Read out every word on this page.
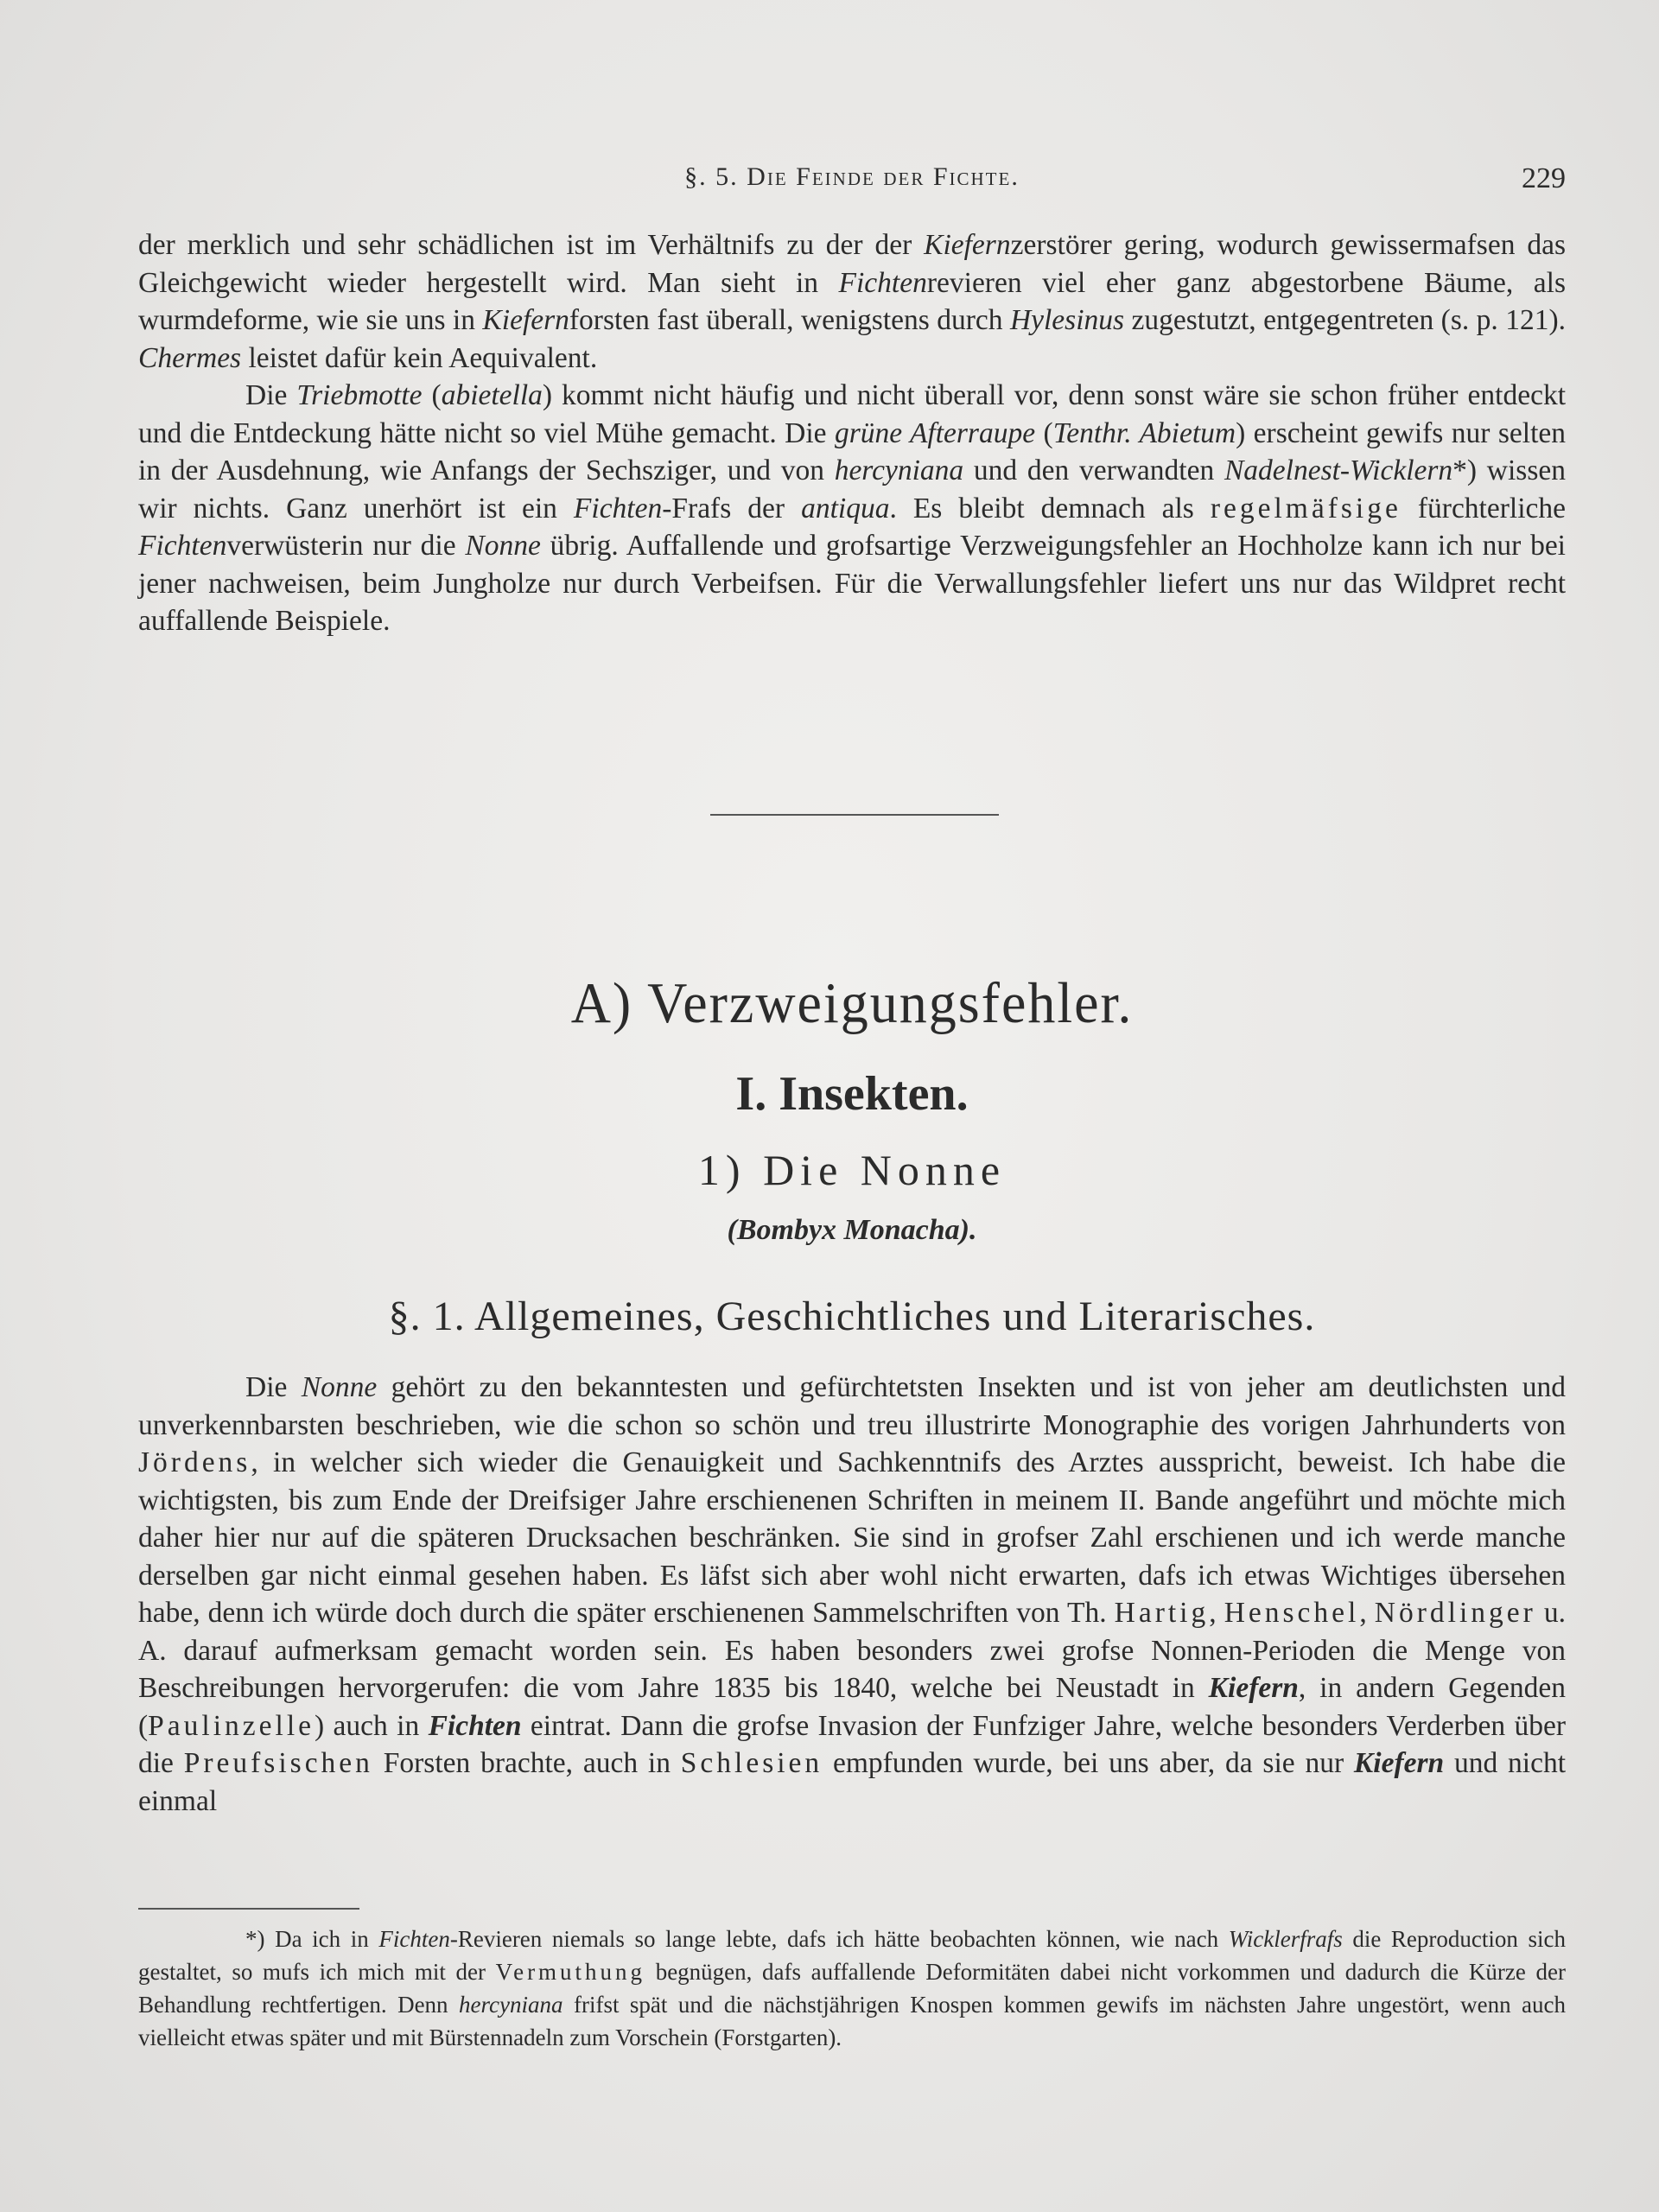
§. 5. Die Feinde der Fichte.	229

der merklich und sehr schädlichen ist im Verhältnifs zu der der Kiefernzerstörer gering, wodurch gewissermafsen das Gleichgewicht wieder hergestellt wird. Man sieht in Fichtenrevieren viel eher ganz abgestorbene Bäume, als wurmdeforme, wie sie uns in Kiefernforsten fast überall, wenigstens durch Hylesinus zugestutzt, entgegentreten (s. p. 121). Chermes leistet dafür kein Aequivalent.

Die Triebmotte (abietella) kommt nicht häufig und nicht überall vor, denn sonst wäre sie schon früher entdeckt und die Entdeckung hätte nicht so viel Mühe gemacht. Die grüne Afterraupe (Tenthr. Abietum) erscheint gewifs nur selten in der Ausdehnung, wie Anfangs der Sechsziger, und von hercyniana und den verwandten Nadelnest-Wicklern*) wissen wir nichts. Ganz unerhört ist ein Fichten-Frafs der antiqua. Es bleibt demnach als regelmäfsige fürchterliche Fichtenverwüsterin nur die Nonne übrig. Auffallende und grofsartige Verzweigungsfehler an Hochholze kann ich nur bei jener nachweisen, beim Jungholze nur durch Verbeifsen. Für die Verwallungsfehler liefert uns nur das Wildpret recht auffallende Beispiele.

A) Verzweigungsfehler.
I. Insekten.
1) Die Nonne
(Bombyx Monacha).
§. 1. Allgemeines, Geschichtliches und Literarisches.

Die Nonne gehört zu den bekanntesten und gefürchtetsten Insekten und ist von jeher am deutlichsten und unverkennbarsten beschrieben, wie die schon so schön und treu illustrirte Monographie des vorigen Jahrhunderts von Jördens, in welcher sich wieder die Genauigkeit und Sachkenntnifs des Arztes ausspricht, beweist. Ich habe die wichtigsten, bis zum Ende der Dreifsiger Jahre erschienenen Schriften in meinem II. Bande angeführt und möchte mich daher hier nur auf die späteren Drucksachen beschränken. Sie sind in grofser Zahl erschienen und ich werde manche derselben gar nicht einmal gesehen haben. Es läfst sich aber wohl nicht erwarten, dafs ich etwas Wichtiges übersehen habe, denn ich würde doch durch die später erschienenen Sammelschriften von Th. Hartig, Henschel, Nördlinger u. A. darauf aufmerksam gemacht worden sein. Es haben besonders zwei grofse Nonnen-Perioden die Menge von Beschreibungen hervorgerufen: die vom Jahre 1835 bis 1840, welche bei Neustadt in Kiefern, in andern Gegenden (Paulinzelle) auch in Fichten eintrat. Dann die grofse Invasion der Funfziger Jahre, welche besonders Verderben über die Preufsischen Forsten brachte, auch in Schlesien empfunden wurde, bei uns aber, da sie nur Kiefern und nicht einmal

*) Da ich in Fichten-Revieren niemals so lange lebte, dafs ich hätte beobachten können, wie nach Wicklerfrafs die Reproduction sich gestaltet, so mufs ich mich mit der Vermuthung begnügen, dafs auffallende Deformitäten dabei nicht vorkommen und dadurch die Kürze der Behandlung rechtfertigen. Denn hercyniana frifst spät und die nächstjährigen Knospen kommen gewifs im nächsten Jahre ungestört, wenn auch vielleicht etwas später und mit Bürstennadeln zum Vorschein (Forstgarten).
